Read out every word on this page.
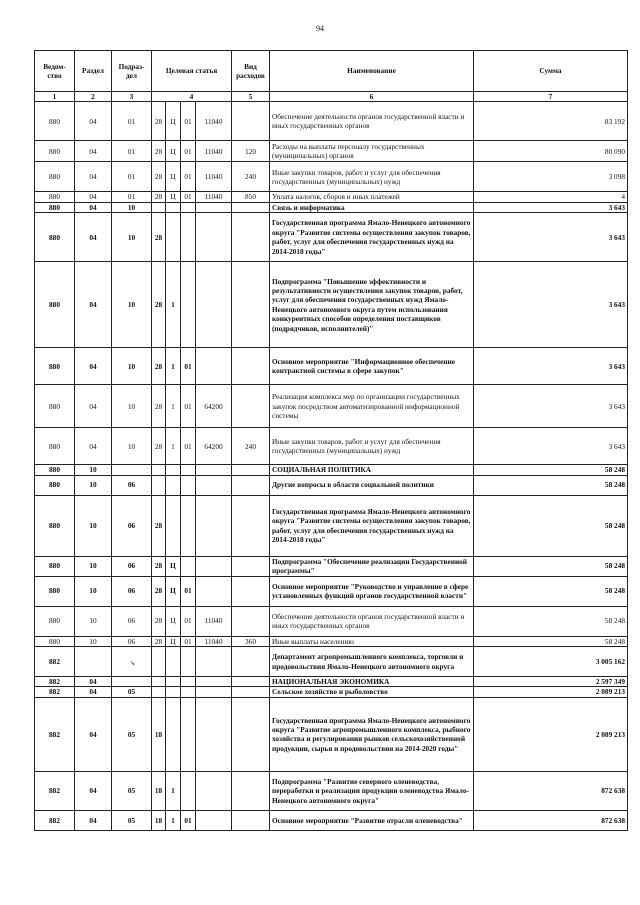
94
Ведом-ство	Раздел	Подраз-дел	Целевая статья				Вид расходов	Наименование	Сумма
1	2	3	4				5	6	7
880	04	01	28	Ц	01	11040		Обеспечение деятельности органов государственной власти и иных государственных органов	83 192
880	04	01	28	Ц	01	11040	120	Расходы на выплаты персоналу государственных (муниципальных) органов	80 090
880	04	01	28	Ц	01	11040	240	Иные закупки товаров, работ и услуг для обеспечения государственных (муниципальных) нужд	3 098
880	04	01	28	Ц	01	11040	850	Уплата налогов, сборов и иных платежей	4
880	04	10						Связь и информатика	3 643
880	04	10	28					Государственная программа Ямало-Ненецкого автономного округа "Развитие системы осуществления закупок товаров, работ, услуг для обеспечения государственных нужд на 2014-2018 годы"	3 643
880	04	10	28	1				Подпрограмма "Повышение эффективности и результативности осуществления закупок товаров, работ, услуг для обеспечения государственных нужд Ямало-Ненецкого автономного округа путем использования конкурентных способов определения поставщиков (подрядчиков, исполнителей)"	3 643
880	04	10	28	1	01			Основное мероприятие "Информационное обеспечение контрактной системы в сфере закупок"	3 643
880	04	10	28	1	01	64200		Реализация комплекса мер по организации государственных закупок посредством автоматизированной информационной системы	3 643
880	04	10	28	1	01	64200	240	Иные закупки товаров, работ и услуг для обеспечения государственных (муниципальных) нужд	3 643
880	10							СОЦИАЛЬНАЯ ПОЛИТИКА	58 248
880	10	06						Другие вопросы в области социальной политики	58 248
880	10	06	28					Государственная программа Ямало-Ненецкого автономного округа "Развитие системы осуществления закупок товаров, работ, услуг для обеспечения государственных нужд на 2014-2018 годы"	58 248
880	10	06	28	Ц				Подпрограмма "Обеспечение реализации Государственной программы"	58 248
880	10	06	28	Ц	01			Основное мероприятие "Руководство и управление в сфере установленных функций органов государственной власти"	58 248
880	10	06	28	Ц	01	11040		Обеспечение деятельности органов государственной власти и иных государственных органов	58 248
880	10	06	28	Ц	01	11040	360	Иные выплаты населению	58 248
882		↘						Департамент агропромышленного комплекса, торговли и продовольствия Ямало-Ненецкого автономного округа	3 005 162
882	04							НАЦИОНАЛЬНАЯ ЭКОНОМИКА	2 597 349
882	04	05						Сельское хозяйство и рыболовство	2 089 213
882	04	05	18					Государственная программа Ямало-Ненецкого автономного округа "Развитие агропромышленного комплекса, рыбного хозяйства и регулирования рынков сельскохозяйственной продукции, сырья и продовольствия на 2014-2020 годы"	2 089 213
882	04	05	18	1				Подпрограмма "Развитие северного оленеводства, переработки и реализации продукции оленеводства Ямало-Ненецкого автономного округа"	872 638
882	04	05	18	1	01			Основное мероприятие "Развитие отрасли оленеводства"	872 638
